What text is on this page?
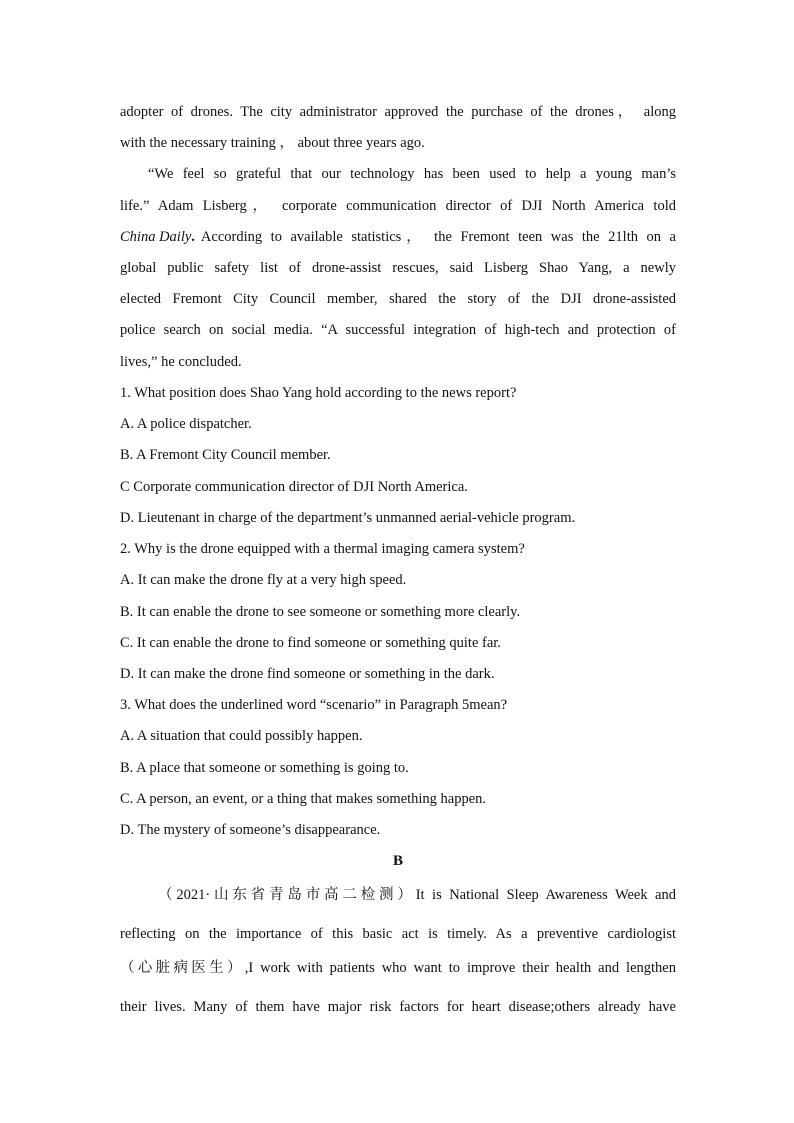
adopter of drones. The city administrator approved the purchase of the drones， along
with the necessary training ， about three years ago.
“We feel so grateful that our technology has been used to help a young man’s
life.” Adam Lisberg， corporate communication director of DJI North America told
China Daily. According to available statistics， the Fremont teen was the 21lth on a
global public safety list of drone-assist rescues, said Lisberg Shao Yang, a newly
elected Fremont City Council member, shared the story of the DJI drone-assisted
police search on social media. “A successful integration of high-tech and protection of
lives,” he concluded.
1. What position does Shao Yang hold according to the news report?
A. A police dispatcher.
B. A Fremont City Council member.
C Corporate communication director of DJI North America.
D. Lieutenant in charge of the department’s unmanned aerial-vehicle program.
2. Why is the drone equipped with a thermal imaging camera system?
A. It can make the drone fly at a very high speed.
B. It can enable the drone to see someone or something more clearly.
C. It can enable the drone to find someone or something quite far.
D. It can make the drone find someone or something in the dark.
3. What does the underlined word “scenario” in Paragraph 5mean?
A. A situation that could possibly happen.
B. A place that someone or something is going to.
C. A person, an event, or a thing that makes something happen.
D. The mystery of someone’s disappearance.
B
（2021·山东省青岛市高二检测）It is National Sleep Awareness Week and
reflecting on the importance of this basic act is timely. As a preventive cardiologist
（心脏病医生）,I work with patients who want to improve their health and lengthen
their lives. Many of them have major risk factors for heart disease;others already have
